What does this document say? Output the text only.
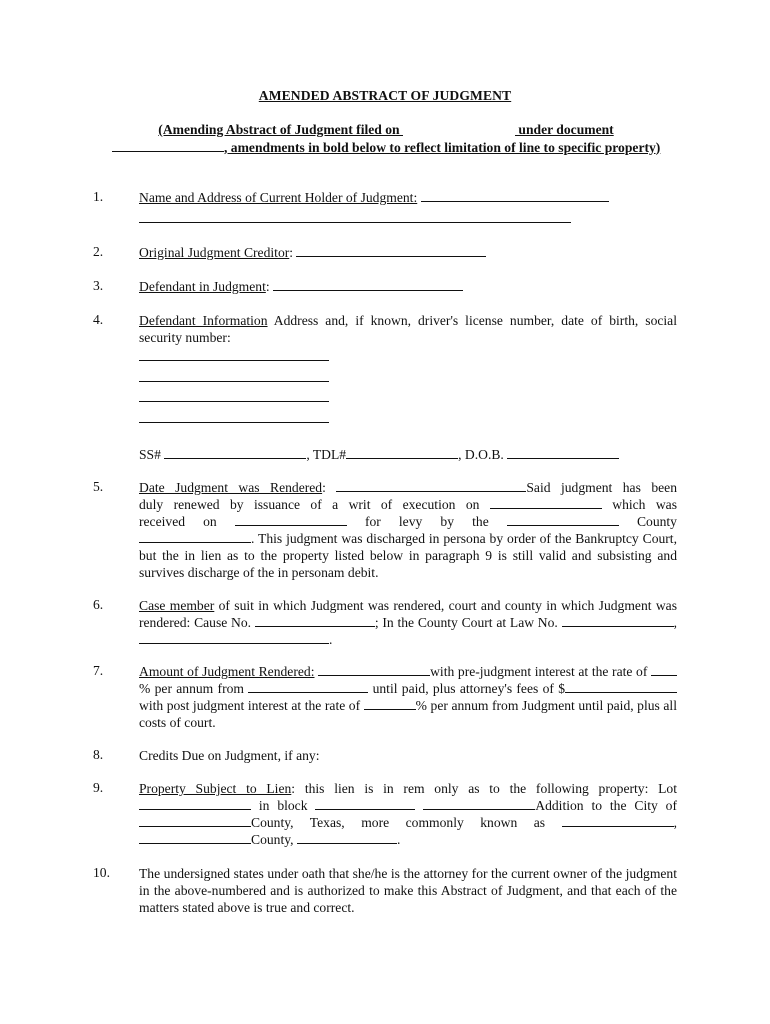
AMENDED ABSTRACT OF JUDGMENT
(Amending Abstract of Judgment filed on	under document
, amendments in bold below to reflect limitation of line to specific property)
1.	Name and Address of Current Holder of Judgment:
2.	Original Judgment Creditor:
3.	Defendant in Judgment:
4.	Defendant Information Address and, if known, driver's license number, date of birth, social security number:
SS#	, TDL#	, D.O.B.
5.	Date Judgment was Rendered:	Said judgment has been
duly renewed by issuance of a writ of execution on	which was
received on	for levy by the	County
. This judgment was discharged in persona by order of the Bankruptcy Court, but the in lien as to the property listed below in paragraph 9 is still valid and subsisting and survives discharge of the in personam debit.
6.	Case member of suit in which Judgment was rendered, court and county in which Judgment was rendered: Cause No.	; In the County Court at Law No.	, .
7.	Amount of Judgment Rendered:	with pre-judgment interest at the rate of % per annum from	until paid, plus attorney's fees of $ with post judgment interest at the rate of	% per annum from Judgment until paid, plus all costs of court.
8.	Credits Due on Judgment, if any:
9.	Property Subject to Lien: this lien is in rem only as to the following property: Lot  in block	Addition to the City of County, Texas, more commonly known as	, County,	.
10. The undersigned states under oath that she/he is the attorney for the current owner of the judgment in the above-numbered and is authorized to make this Abstract of Judgment, and that each of the matters stated above is true and correct.
